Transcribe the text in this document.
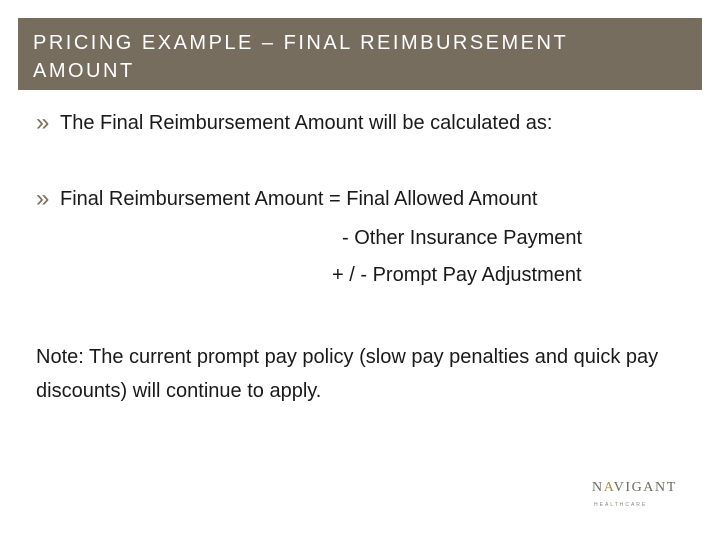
PRICING EXAMPLE – FINAL REIMBURSEMENT AMOUNT
» The Final Reimbursement Amount will be calculated as:
» Final Reimbursement Amount = Final Allowed Amount
- Other Insurance Payment
+ / - Prompt Pay Adjustment
Note: The current prompt pay policy (slow pay penalties and quick pay discounts) will continue to apply.
NAVIGANT
HEALTHCARE
